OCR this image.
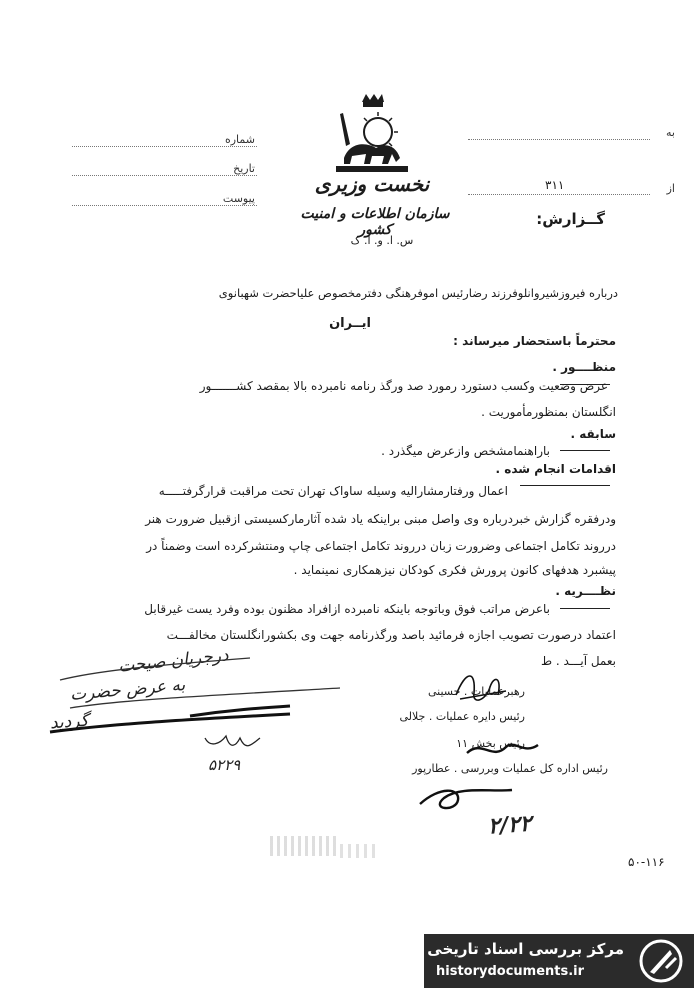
شماره
تاریخ
پیوست
به
از
۳۱۱
گــزارش:
نخست وزیری
سازمان اطلاعات و امنیت کشور
س. ا. و. ا. ک
درباره فیروزشیروانلوفرزند رضارئیس اموفرهنگی دفترمخصوص علیاحضرت شهبانوی
ایــران
محترماً باستحضار میرساند :
منظــــور .
عرض وضعیت وکسب دستورد رمورد صد ورگذ رنامه نامبرده بالا بمقصد کشـــــــور
انگلستان بمنظورمأموریت .
سابقه .
باراهنمامشخص وازعرض میگذرد .
اقدامات انجام شده .
اعمال ورفتارمشارالیه وسیله ساواک تهران تحت مراقبت قرارگرفتـــــه
ودرفقره گزارش خبردرباره وی واصل مبنی براینکه یاد شده آثارمارکسیستی ازقبیل ضرورت هنر
درروند تکامل اجتماعی وضرورت زبان درروند تکامل اجتماعی چاپ ومنتشرکرده است وضمناً در
پیشبرد هدفهای کانون پرورش فکری کودکان نیزهمکاری نمینماید .
نظــــریه .
باعرض مراتب فوق وباتوجه باینکه نامبرده ازافراد مظنون بوده وفرد یست غیرقابل
اعتماد درصورت تصویب اجازه فرمائید باصد ورگذرنامه جهت وی بکشورانگلستان مخالفـــت
بعمل آیـــد . ط
درجریان صیحت
به عرض حضرت
گردید
۵۲۲۹
رهبرعملیات . حسینی
رئیس دایره عملیات . جلالی
رئیس بخش ۱۱
رئیس اداره کل عملیات وبررسی . عطارپور
۲/۲۲
۵۰-۱۱۶
مرکز بررسی اسناد تاریخی
historydocuments.ir
